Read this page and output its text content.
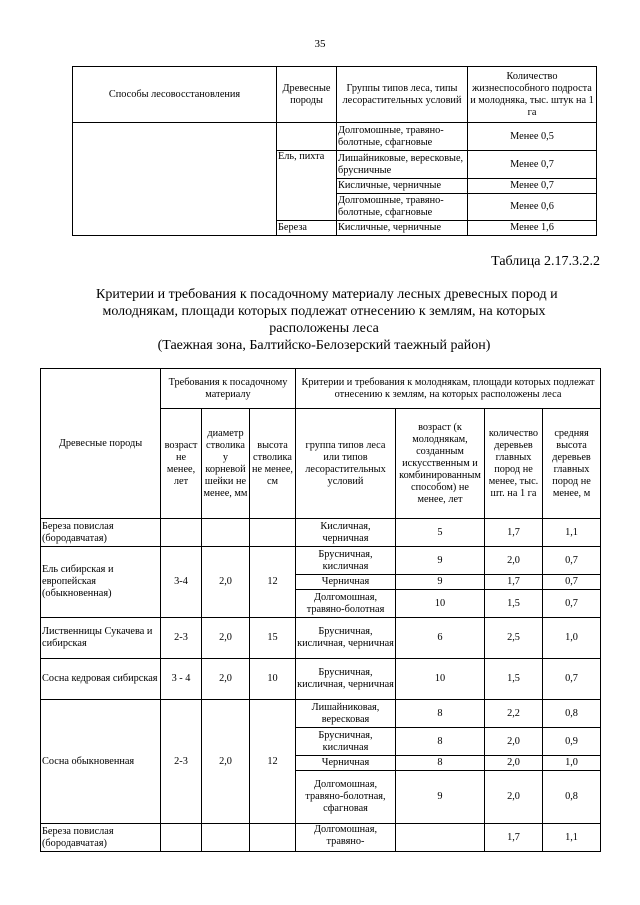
35
Способы лесовосстановления	Древесные породы	Группы типов леса, типы лесорастительных условий	Количество жизнеспособного подроста и молодняка, тыс. штук на 1 га
		Долгомошные, травяно-болотные, сфагновые	Менее 0,5
	Ель, пихта	Лишайниковые, вересковые, брусничные	Менее 0,7
		Кисличные, черничные	Менее 0,7
		Долгомошные, травяно-болотные, сфагновые	Менее 0,6
	Береза	Кисличные, черничные	Менее 1,6
Таблица 2.17.3.2.2
Критерии и требования к посадочному материалу лесных древесных пород и
молоднякам, площади которых подлежат отнесению к землям, на которых
расположены леса
(Таежная зона, Балтийско-Белозерский таежный район)
Древесные породы	Требования к посадочному материалу			Критерии и требования к молоднякам, площади которых подлежат отнесению к землям, на которых расположены леса			
	возраст не менее, лет	диаметр стволика у корневой шейки не менее, мм	высота стволика не менее, см	группа типов леса или типов лесорастительных условий	возраст (к молоднякам, созданным искусственным и комбинированным способом) не менее, лет	количество деревьев главных пород не менее, тыс. шт. на 1 га	средняя высота деревьев главных пород не менее, м
Береза повислая (бородавчатая)				Кисличная, черничная	5	1,7	1,1
Ель сибирская и европейская (обыкновенная)	3-4	2,0	12	Брусничная, кисличная	9	2,0	0,7
				Черничная	9	1,7	0,7
				Долгомошная, травяно-болотная	10	1,5	0,7
Лиственницы Сукачева и сибирская	2-3	2,0	15	Брусничная, кисличная, черничная	6	2,5	1,0
Сосна кедровая сибирская	3 - 4	2,0	10	Брусничная, кисличная, черничная	10	1,5	0,7
Сосна обыкновенная	2-3	2,0	12	Лишайниковая, вересковая	8	2,2	0,8
				Брусничная, кисличная	8	2,0	0,9
				Черничная	8	2,0	1,0
				Долгомошная, травяно-болотная, сфагновая	9	2,0	0,8
Береза повислая (бородавчатая)				Долгомошная, травяно-		1,7	1,1
